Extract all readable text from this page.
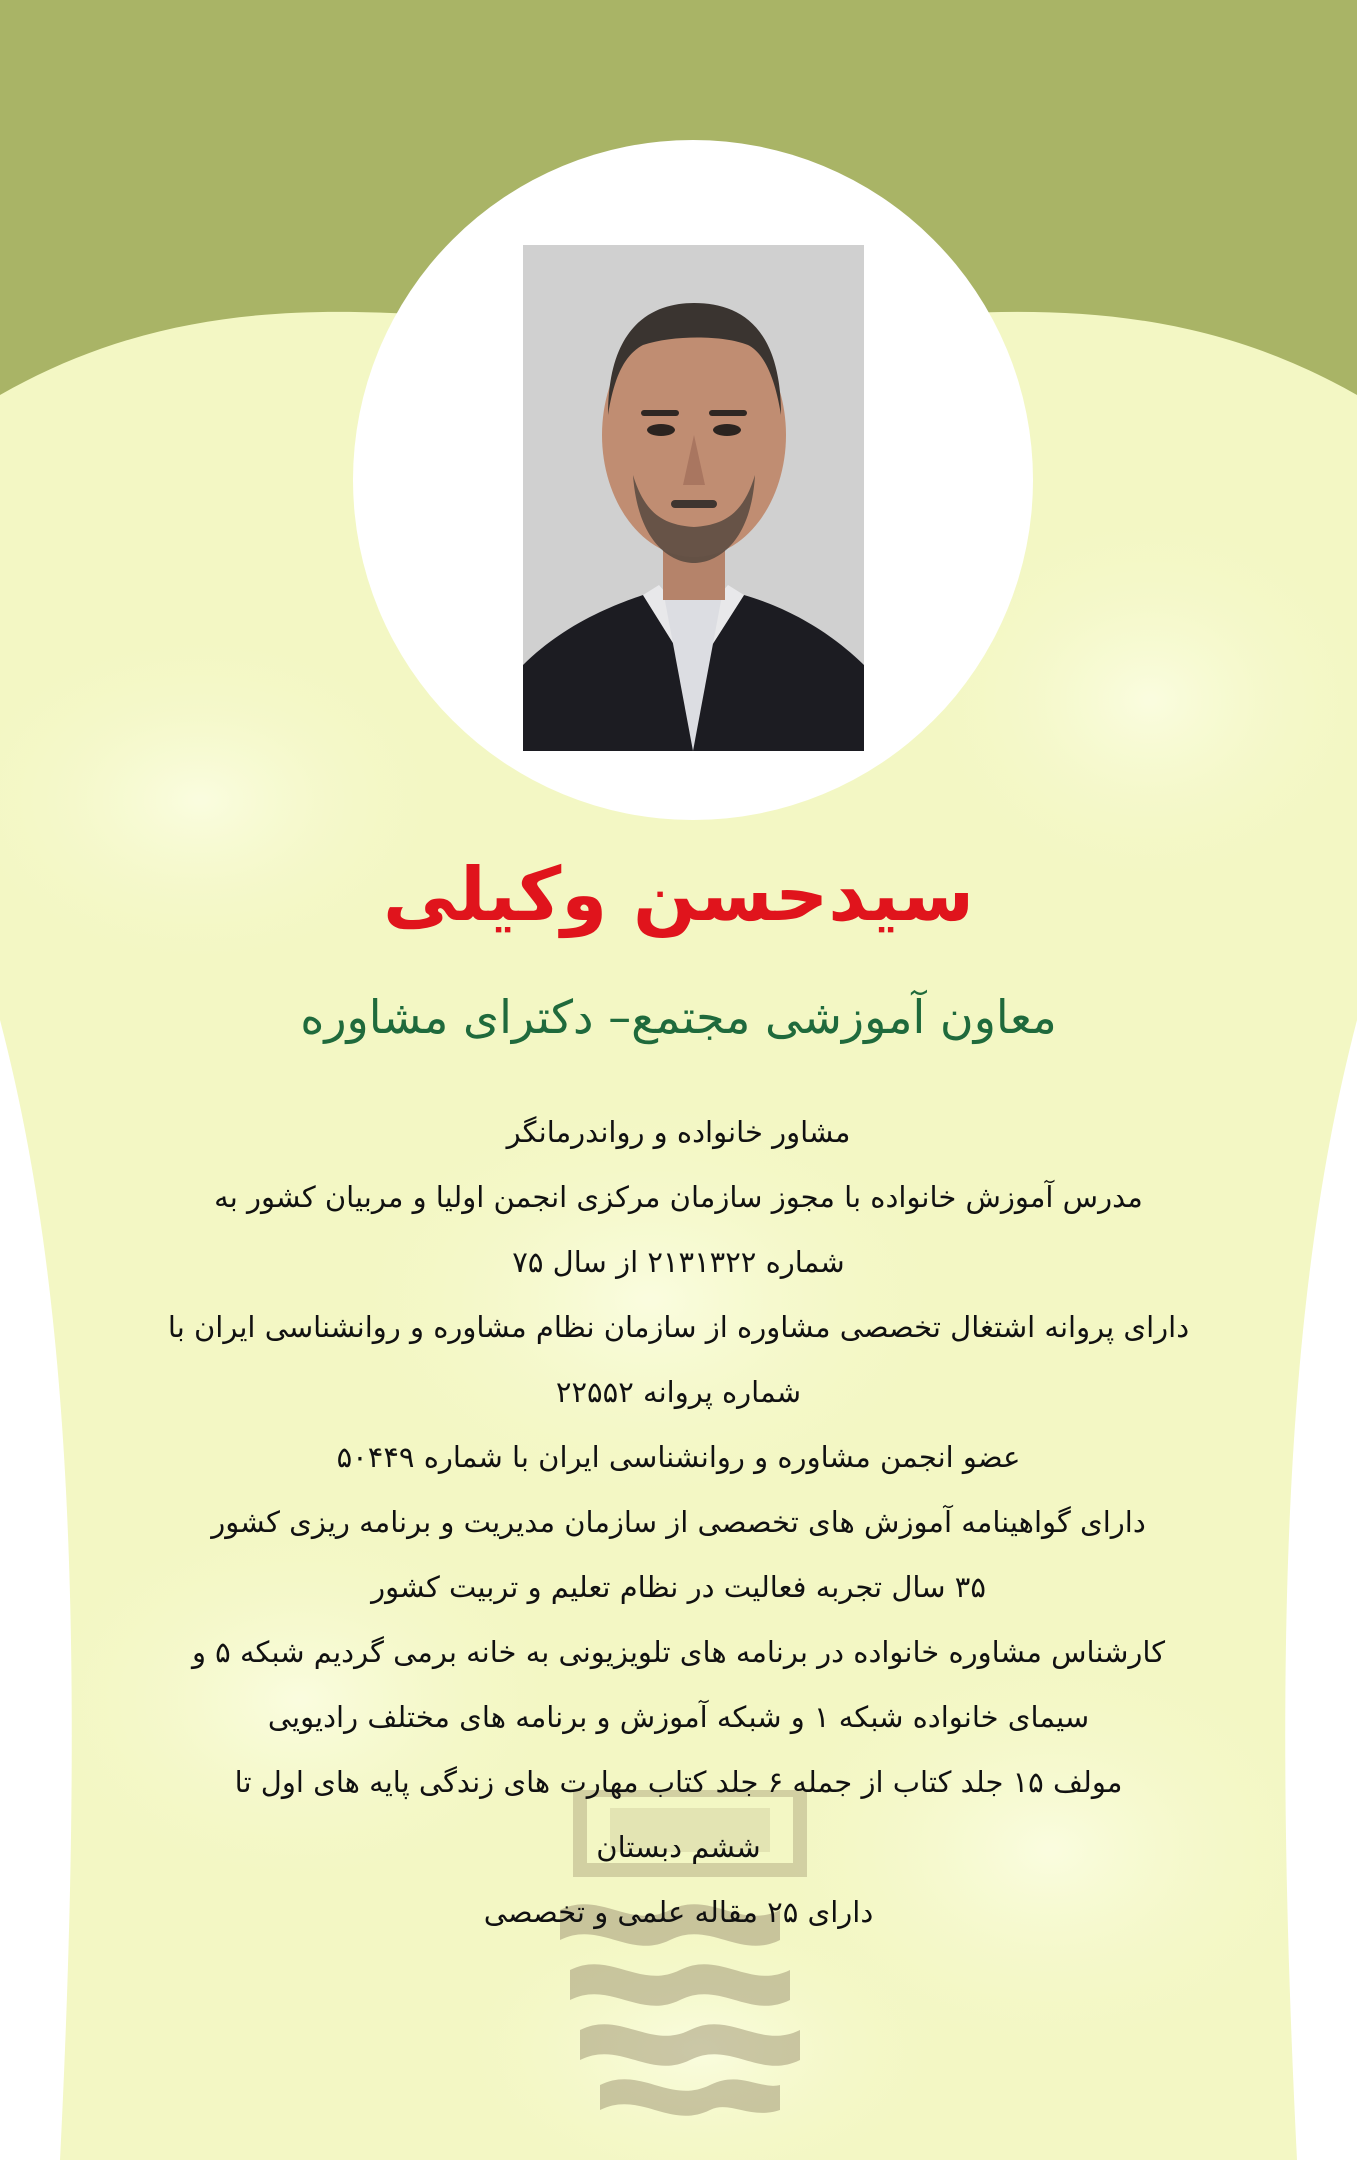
سیدحسن وکیلی
معاون آموزشی مجتمع– دکترای مشاوره
مشاور خانواده و رواندرمانگر
مدرس آموزش خانواده با مجوز سازمان مرکزی انجمن اولیا و مربیان کشور به
شماره ۲۱۳۱۳۲۲ از سال ۷۵
دارای پروانه اشتغال تخصصی مشاوره از سازمان نظام مشاوره و روانشناسی ایران با
شماره پروانه ۲۲۵۵۲
عضو انجمن مشاوره و روانشناسی ایران با شماره ۵۰۴۴۹
دارای گواهینامه آموزش های تخصصی از سازمان مدیریت و برنامه ریزی کشور
۳۵ سال تجربه فعالیت در نظام تعلیم و تربیت کشور
کارشناس مشاوره خانواده در برنامه های تلویزیونی به خانه برمی گردیم شبکه ۵ و
سیمای خانواده شبکه ۱ و شبکه آموزش و برنامه های مختلف رادیویی
مولف ۱۵ جلد کتاب از جمله ۶ جلد کتاب مهارت های زندگی پایه های اول تا
ششم دبستان
دارای ۲۵ مقاله علمی و تخصصی
